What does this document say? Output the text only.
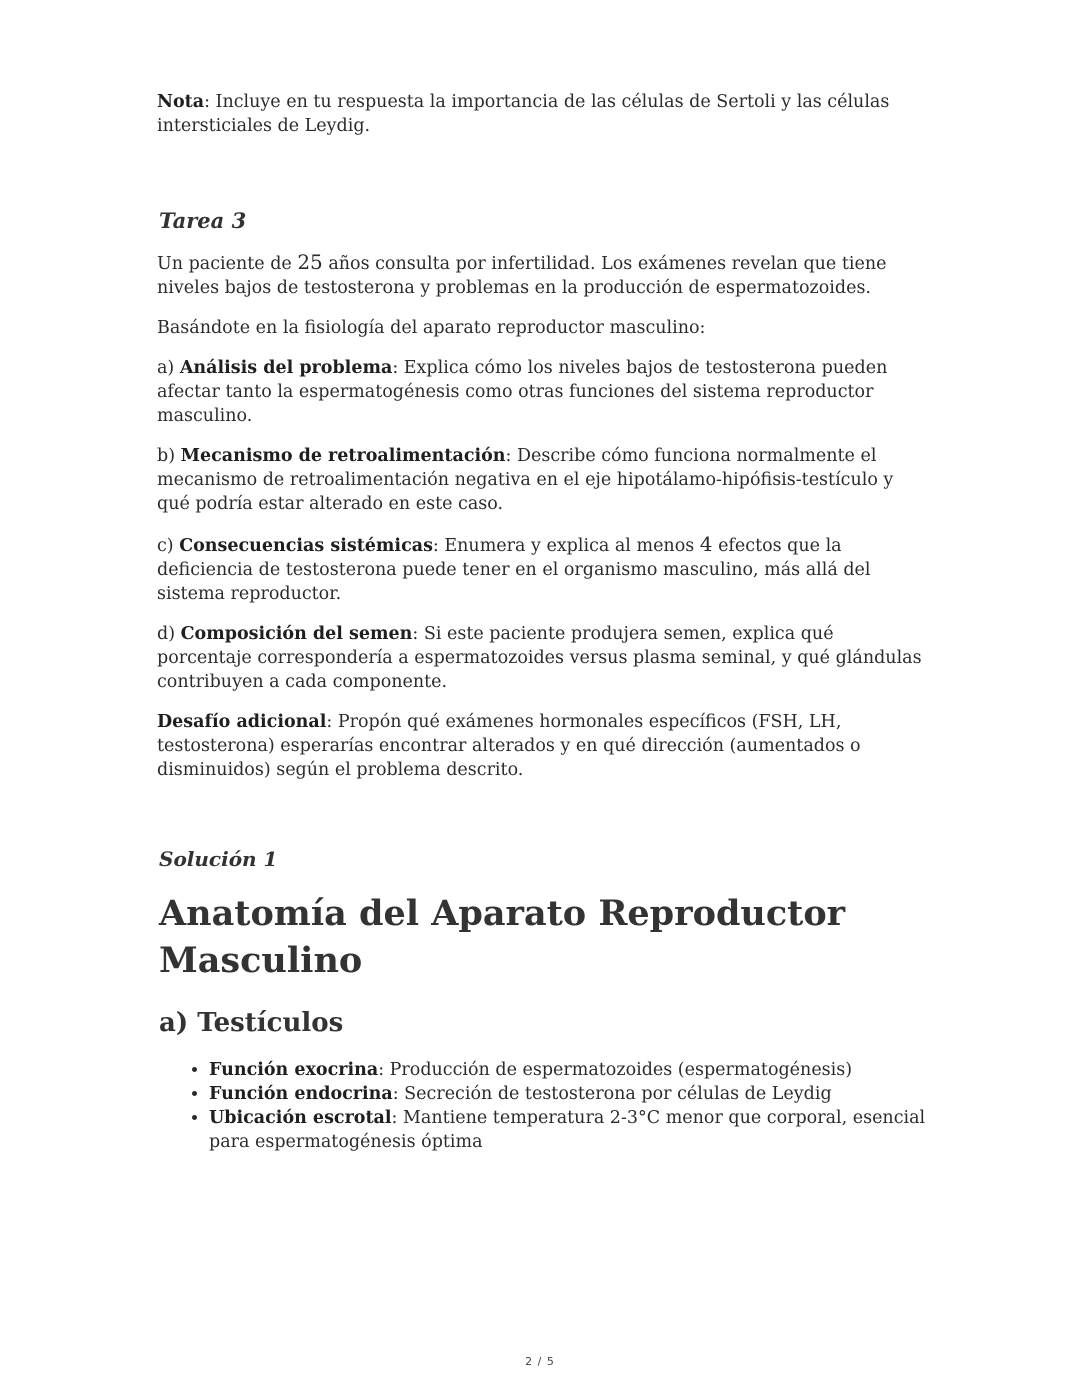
Nota: Incluye en tu respuesta la importancia de las células de Sertoli y las células intersticiales de Leydig.

Tarea 3

Un paciente de 25 años consulta por infertilidad. Los exámenes revelan que tiene niveles bajos de testosterona y problemas en la producción de espermatozoides.

Basándote en la fisiología del aparato reproductor masculino:

a) Análisis del problema: Explica cómo los niveles bajos de testosterona pueden afectar tanto la espermatogénesis como otras funciones del sistema reproductor masculino.

b) Mecanismo de retroalimentación: Describe cómo funciona normalmente el mecanismo de retroalimentación negativa en el eje hipotálamo-hipófisis-testículo y qué podría estar alterado en este caso.

c) Consecuencias sistémicas: Enumera y explica al menos 4 efectos que la deficiencia de testosterona puede tener en el organismo masculino, más allá del sistema reproductor.

d) Composición del semen: Si este paciente produjera semen, explica qué porcentaje correspondería a espermatozoides versus plasma seminal, y qué glándulas contribuyen a cada componente.

Desafío adicional: Propón qué exámenes hormonales específicos (FSH, LH, testosterona) esperarías encontrar alterados y en qué dirección (aumentados o disminuidos) según el problema descrito.

Solución 1
Anatomía del Aparato Reproductor Masculino
a) Testículos
• Función exocrina: Producción de espermatozoides (espermatogénesis)
• Función endocrina: Secreción de testosterona por células de Leydig
• Ubicación escrotal: Mantiene temperatura 2-3°C menor que corporal, esencial para espermatogénesis óptima
2 / 5
